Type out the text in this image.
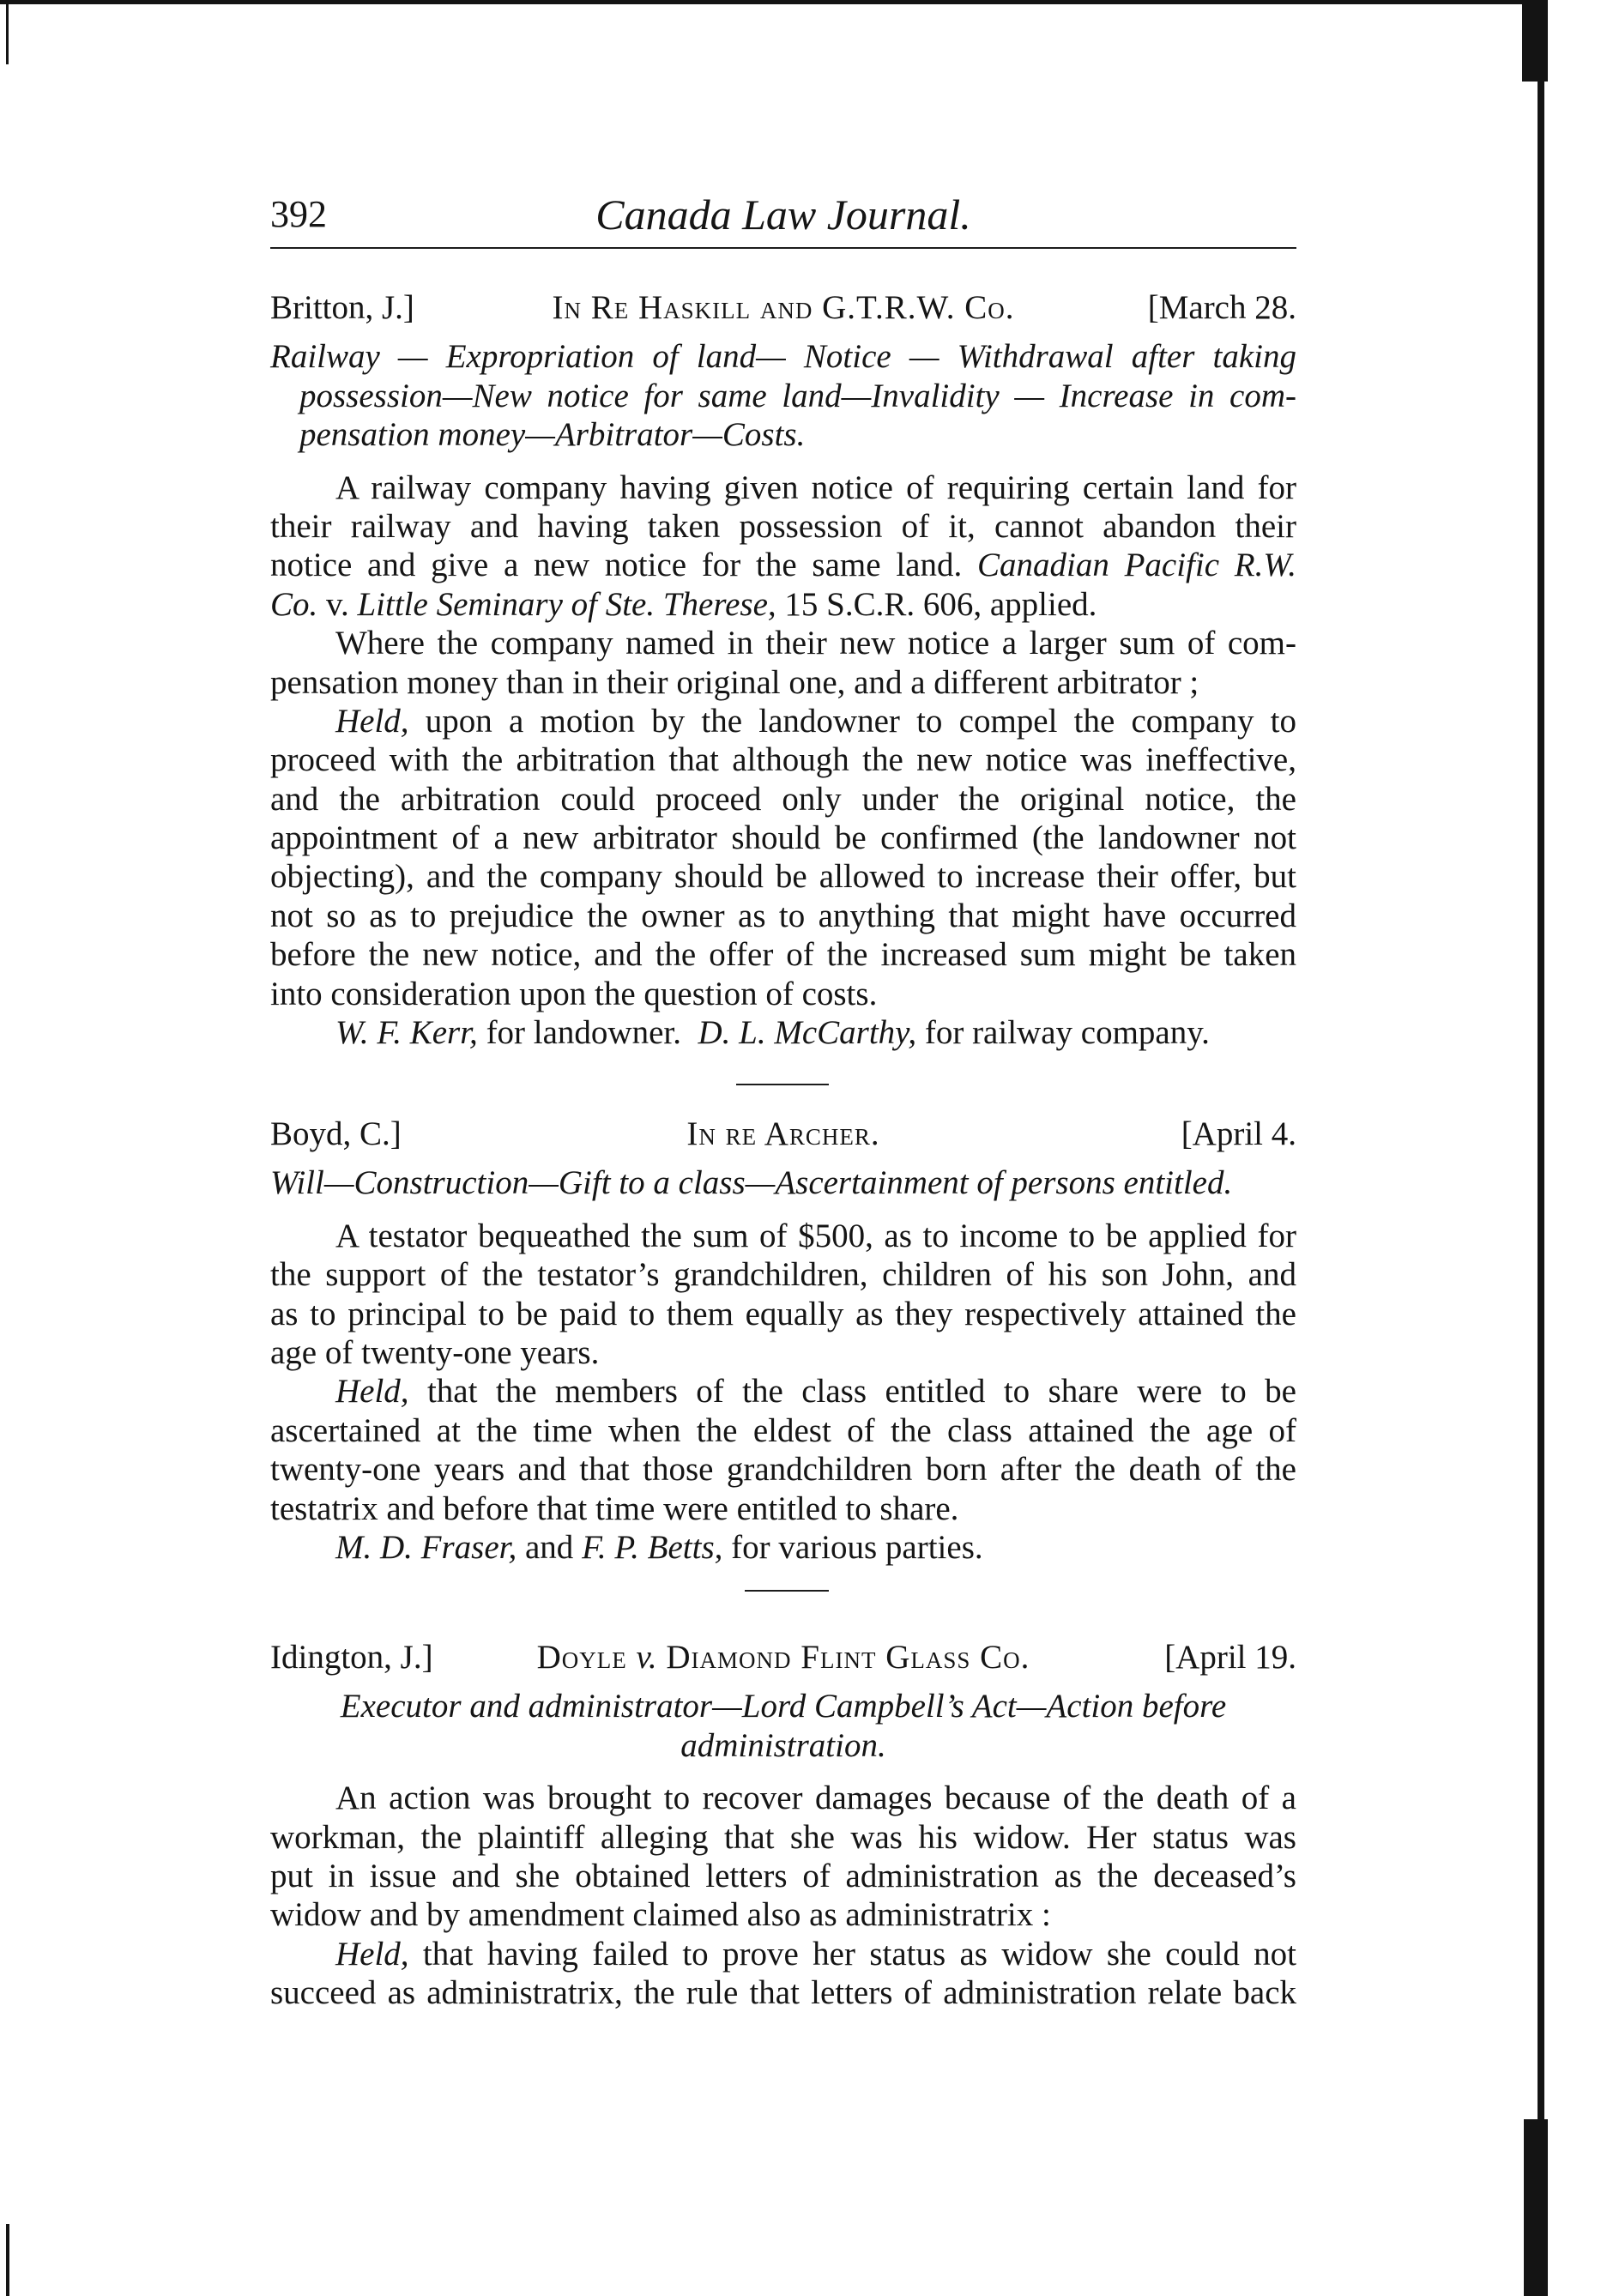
392	Canada Law Journal.
Britton, J.]	In Re Haskill and G.T.R.W. Co.	[March 28.
Railway — Expropriation of land— Notice — Withdrawal after taking
possession—New notice for same land—Invalidity — Increase in com-
pensation money—Arbitrator—Costs.
A railway company having given notice of requiring certain land for
their railway and having taken possession of it, cannot abandon their
notice and give a new notice for the same land. Canadian Pacific R.W.
Co. v. Little Seminary of Ste. Therese, 15 S.C.R. 606, applied.
Where the company named in their new notice a larger sum of com-
pensation money than in their original one, and a different arbitrator ;
Held, upon a motion by the landowner to compel the company to
proceed with the arbitration that although the new notice was ineffective,
and the arbitration could proceed only under the original notice, the
appointment of a new arbitrator should be confirmed (the landowner not
objecting), and the company should be allowed to increase their offer, but
not so as to prejudice the owner as to anything that might have occurred
before the new notice, and the offer of the increased sum might be taken
into consideration upon the question of costs.
W. F. Kerr, for landowner.  D. L. McCarthy, for railway company.
Boyd, C.]	In re Archer.	[April 4.
Will—Construction—Gift to a class—Ascertainment of persons entitled.
A testator bequeathed the sum of $500, as to income to be applied for
the support of the testator’s grandchildren, children of his son John, and
as to principal to be paid to them equally as they respectively attained the
age of twenty-one years.
Held, that the members of the class entitled to share were to be
ascertained at the time when the eldest of the class attained the age of
twenty-one years and that those grandchildren born after the death of the
testatrix and before that time were entitled to share.
M. D. Fraser, and F. P. Betts, for various parties.
Idington, J.]	Doyle v. Diamond Flint Glass Co.	[April 19.
Executor and administrator—Lord Campbell’s Act—Action before
administration.
An action was brought to recover damages because of the death of a
workman, the plaintiff alleging that she was his widow. Her status was
put in issue and she obtained letters of administration as the deceased’s
widow and by amendment claimed also as administratrix :
Held, that having failed to prove her status as widow she could not
succeed as administratrix, the rule that letters of administration relate back
